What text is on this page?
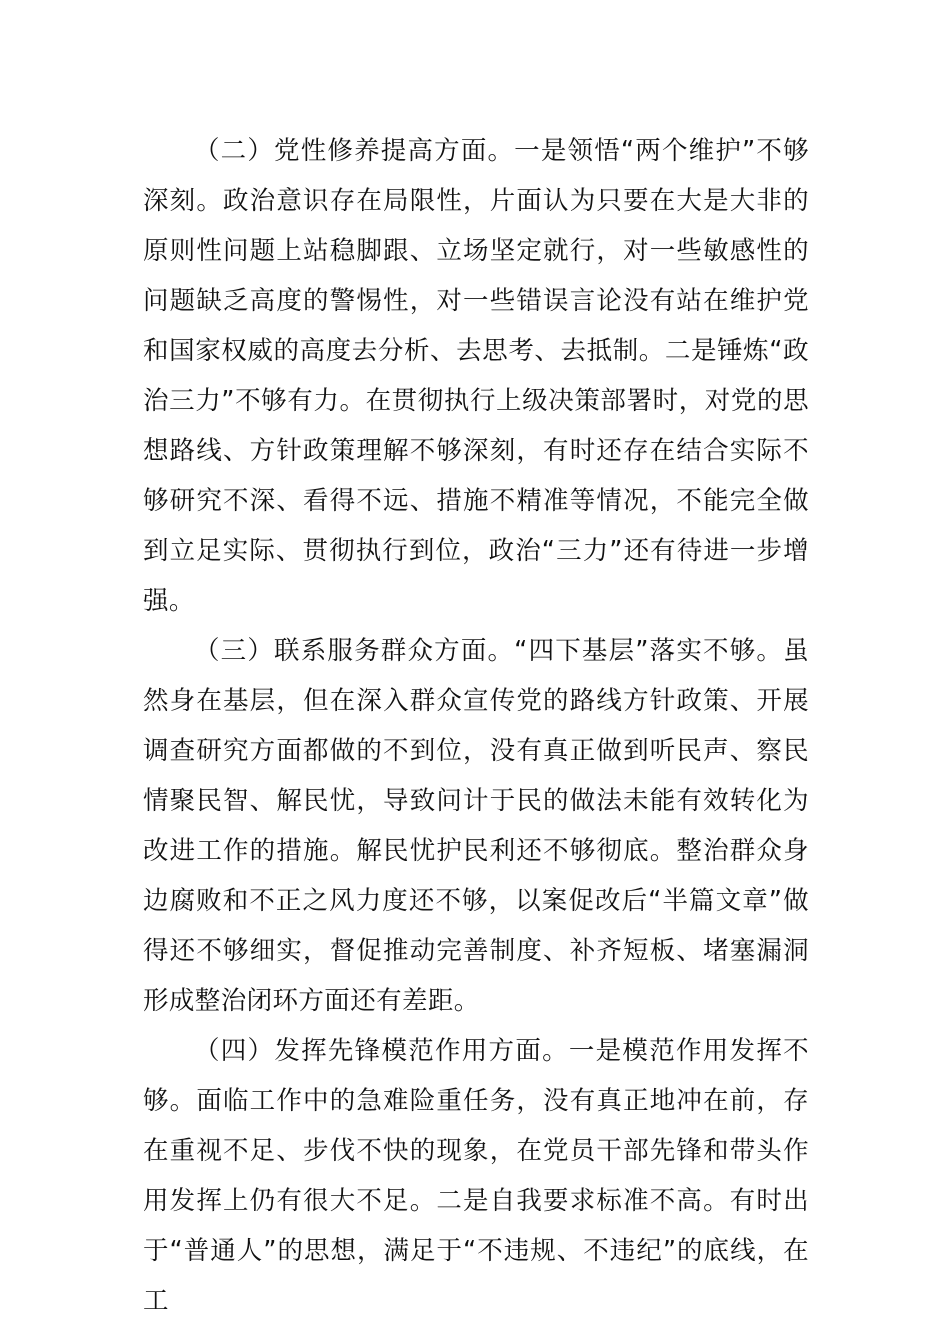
（二）党性修养提高方面。一是领悟“两个维护”不够深刻。政治意识存在局限性，片面认为只要在大是大非的原则性问题上站稳脚跟、立场坚定就行，对一些敏感性的问题缺乏高度的警惕性，对一些错误言论没有站在维护党和国家权威的高度去分析、去思考、去抵制。二是锤炼“政治三力”不够有力。在贯彻执行上级决策部署时，对党的思想路线、方针政策理解不够深刻，有时还存在结合实际不够研究不深、看得不远、措施不精准等情况，不能完全做到立足实际、贯彻执行到位，政治“三力”还有待进一步增强。

（三）联系服务群众方面。“四下基层”落实不够。虽然身在基层，但在深入群众宣传党的路线方针政策、开展调查研究方面都做的不到位，没有真正做到听民声、察民情聚民智、解民忧，导致问计于民的做法未能有效转化为改进工作的措施。解民忧护民利还不够彻底。整治群众身边腐败和不正之风力度还不够，以案促改后“半篇文章”做得还不够细实，督促推动完善制度、补齐短板、堵塞漏洞形成整治闭环方面还有差距。

（四）发挥先锋模范作用方面。一是模范作用发挥不够。面临工作中的急难险重任务，没有真正地冲在前，存在重视不足、步伐不快的现象，在党员干部先锋和带头作用发挥上仍有很大不足。二是自我要求标准不高。有时出于“普通人”的思想，满足于“不违规、不违纪”的底线，在工
